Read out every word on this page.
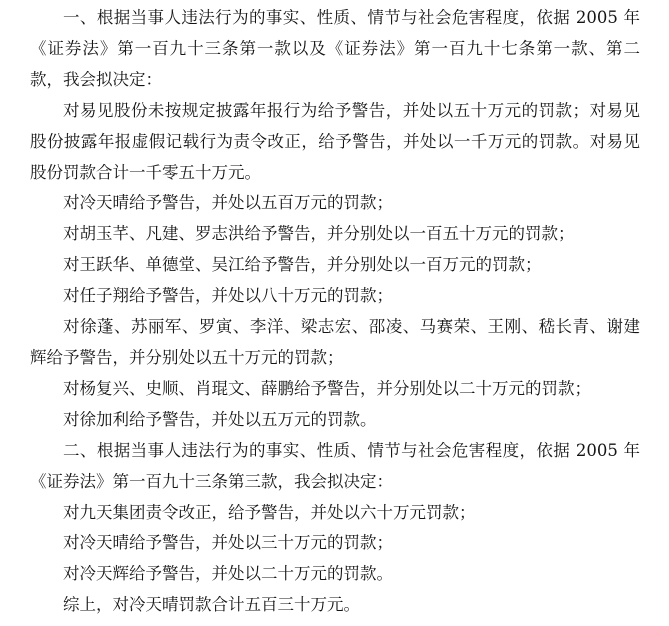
一、根据当事人违法行为的事实、性质、情节与社会危害程度，依据 2005 年《证券法》第一百九十三条第一款以及《证券法》第一百九十七条第一款、第二款，我会拟决定：

对易见股份未按规定披露年报行为给予警告，并处以五十万元的罚款；对易见股份披露年报虚假记载行为责令改正，给予警告，并处以一千万元的罚款。对易见股份罚款合计一千零五十万元。

对冷天晴给予警告，并处以五百万元的罚款；

对胡玉芊、凡建、罗志洪给予警告，并分别处以一百五十万元的罚款；

对王跃华、单德堂、吴江给予警告，并分别处以一百万元的罚款；

对任子翔给予警告，并处以八十万元的罚款；

对徐蓬、苏丽军、罗寅、李洋、梁志宏、邵凌、马赛荣、王刚、嵇长青、谢建辉给予警告，并分别处以五十万元的罚款；

对杨复兴、史顺、肖琨文、薛鹏给予警告，并分别处以二十万元的罚款；

对徐加利给予警告，并处以五万元的罚款。

二、根据当事人违法行为的事实、性质、情节与社会危害程度，依据 2005 年《证券法》第一百九十三条第三款，我会拟决定：

对九天集团责令改正，给予警告，并处以六十万元罚款；

对冷天晴给予警告，并处以三十万元的罚款；

对冷天辉给予警告，并处以二十万元的罚款。

综上，对冷天晴罚款合计五百三十万元。
